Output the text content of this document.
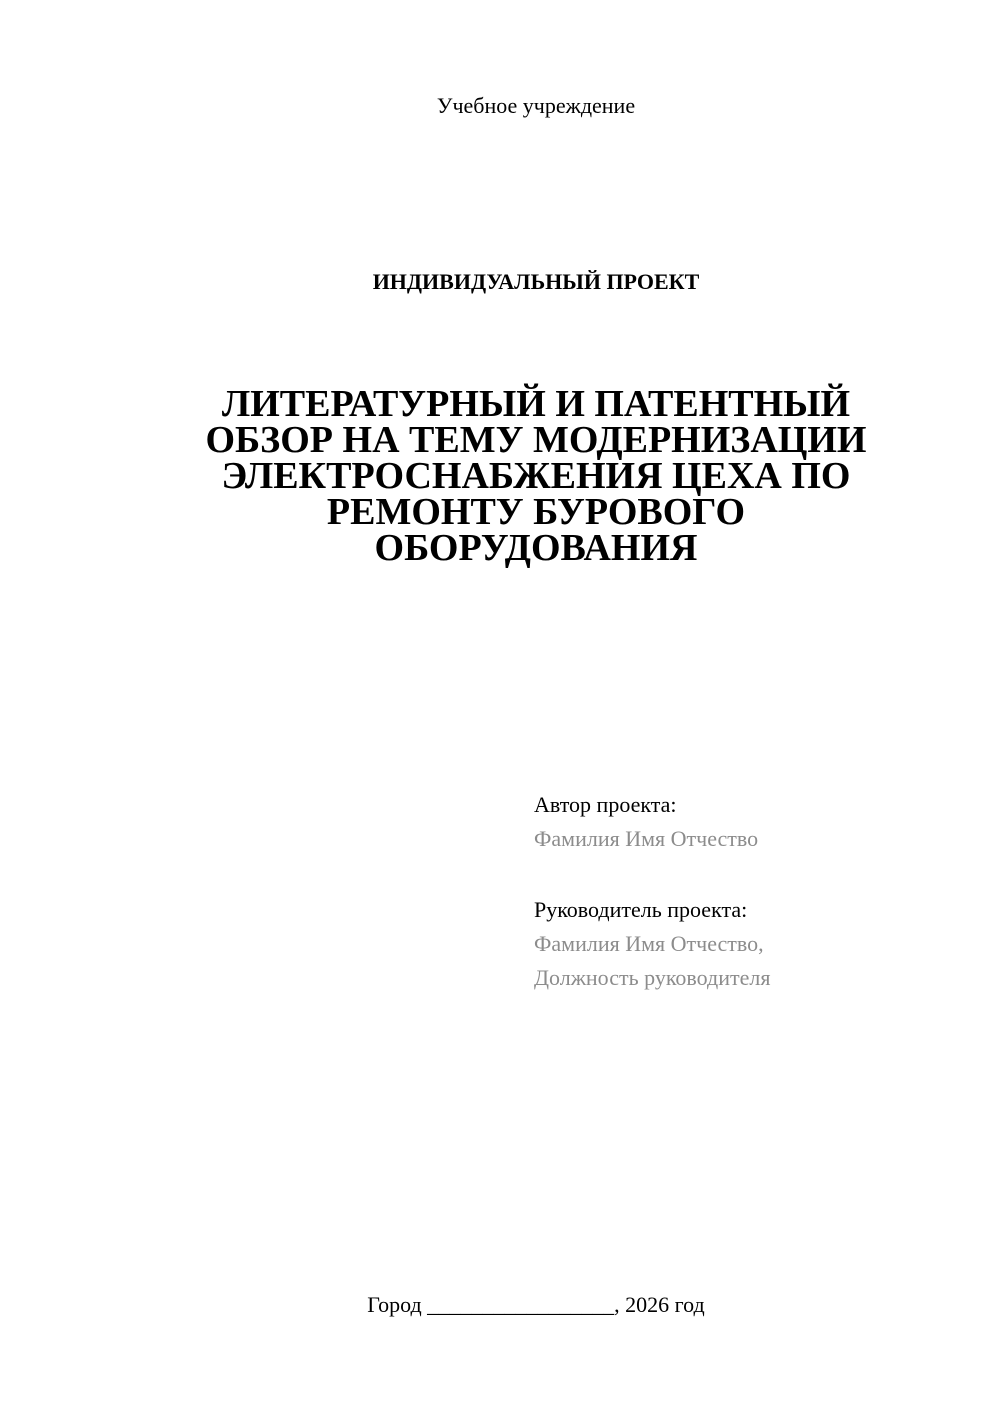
Учебное учреждение
ИНДИВИДУАЛЬНЫЙ ПРОЕКТ
ЛИТЕРАТУРНЫЙ И ПАТЕНТНЫЙ
ОБЗОР НА ТЕМУ МОДЕРНИЗАЦИИ
ЭЛЕКТРОСНАБЖЕНИЯ ЦЕХА ПО
РЕМОНТУ БУРОВОГО
ОБОРУДОВАНИЯ
Автор проекта:
Фамилия Имя Отчество
Руководитель проекта:
Фамилия Имя Отчество,
Должность руководителя
Город _________________, 2026 год
